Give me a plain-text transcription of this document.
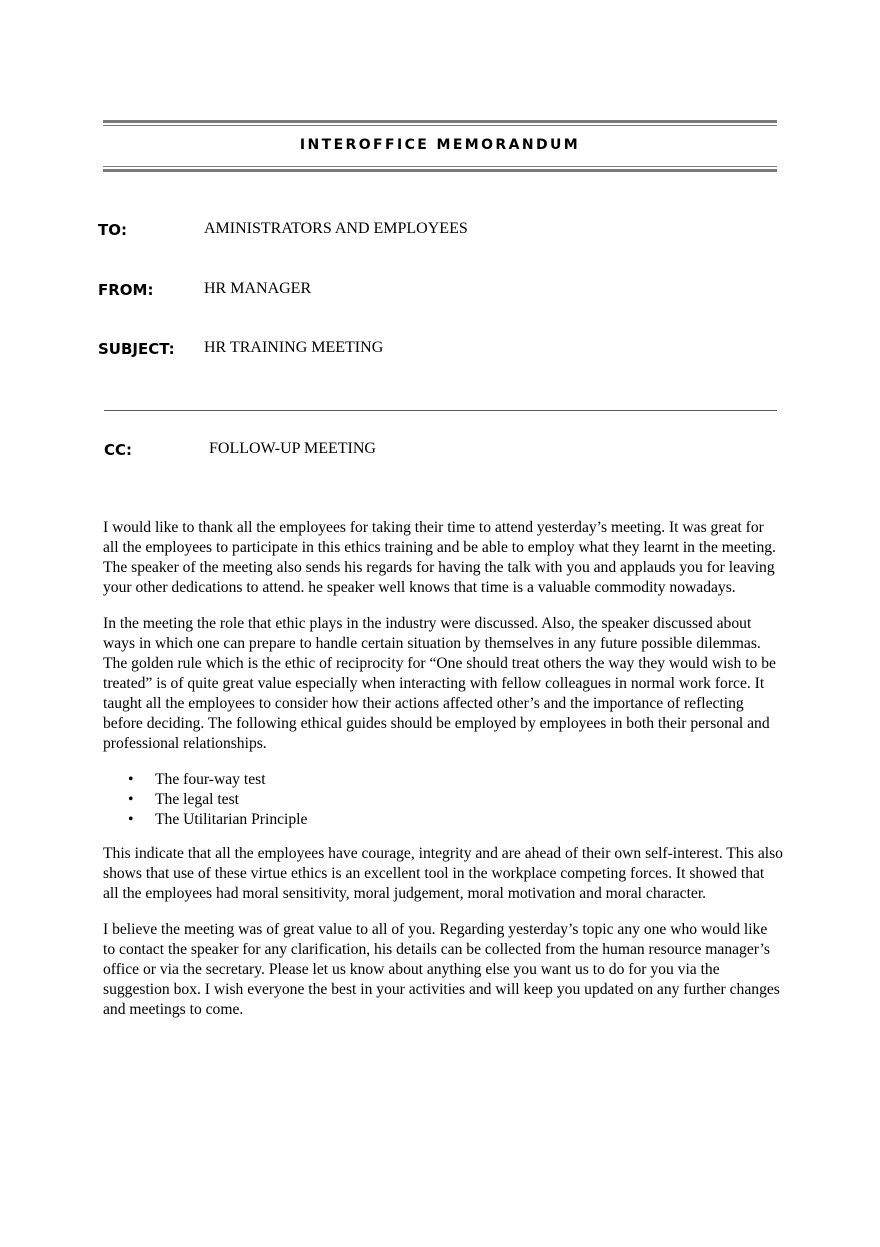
INTEROFFICE MEMORANDUM
TO:	AMINISTRATORS AND EMPLOYEES
FROM:	HR MANAGER
SUBJECT: HR TRAINING MEETING
CC:	FOLLOW-UP MEETING

I would like to thank all the employees for taking their time to attend yesterday’s meeting. It was great for all the employees to participate in this ethics training and be able to employ what they learnt in the meeting. The speaker of the meeting also sends his regards for having the talk with you and applauds you for leaving your other dedications to attend. he speaker well knows that time is a valuable commodity nowadays.

In the meeting the role that ethic plays in the industry were discussed. Also, the speaker discussed about ways in which one can prepare to handle certain situation by themselves in any future possible dilemmas. The golden rule which is the ethic of reciprocity for “One should treat others the way they would wish to be treated” is of quite great value especially when interacting with fellow colleagues in normal work force. It taught all the employees to consider how their actions affected other’s and the importance of reflecting before deciding. The following ethical guides should be employed by employees in both their personal and professional relationships.

• The four-way test
• The legal test
• The Utilitarian Principle

This indicate that all the employees have courage, integrity and are ahead of their own self-interest. This also shows that use of these virtue ethics is an excellent tool in the workplace competing forces. It showed that all the employees had moral sensitivity, moral judgement, moral motivation and moral character.

I believe the meeting was of great value to all of you. Regarding yesterday’s topic any one who would like to contact the speaker for any clarification, his details can be collected from the human resource manager’s office or via the secretary. Please let us know about anything else you want us to do for you via the suggestion box. I wish everyone the best in your activities and will keep you updated on any further changes and meetings to come.
